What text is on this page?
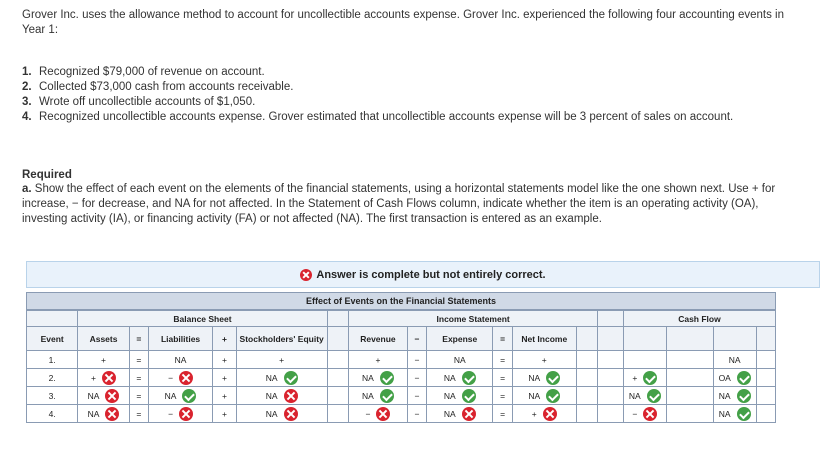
Grover Inc. uses the allowance method to account for uncollectible accounts expense. Grover Inc. experienced the following four accounting events in Year 1:
1. Recognized $79,000 of revenue on account.
2. Collected $73,000 cash from accounts receivable.
3. Wrote off uncollectible accounts of $1,050.
4. Recognized uncollectible accounts expense. Grover estimated that uncollectible accounts expense will be 3 percent of sales on account.
Required
a. Show the effect of each event on the elements of the financial statements, using a horizontal statements model like the one shown next. Use + for increase, − for decrease, and NA for not affected. In the Statement of Cash Flows column, indicate whether the item is an operating activity (OA), investing activity (IA), or financing activity (FA) or not affected (NA). The first transaction is entered as an example.
Answer is complete but not entirely correct.
Effect of Events on the Financial Statements
	Balance Sheet						Income Statement							Cash Flow			
Event	Assets	=	Liabilities	+	Stockholders' Equity		Revenue	−	Expense	=	Net Income						

1.	+	=	NA	+	+		+	−	NA	=	+					NA	

2.	+	=	−	+	NA		NA	−	NA	=	NA			+		OA	

3.	NA	=	NA	+	NA		NA	−	NA	=	NA			NA		NA	

4.	NA	=	−	+	NA		−	−	NA	=	+			−		NA	
